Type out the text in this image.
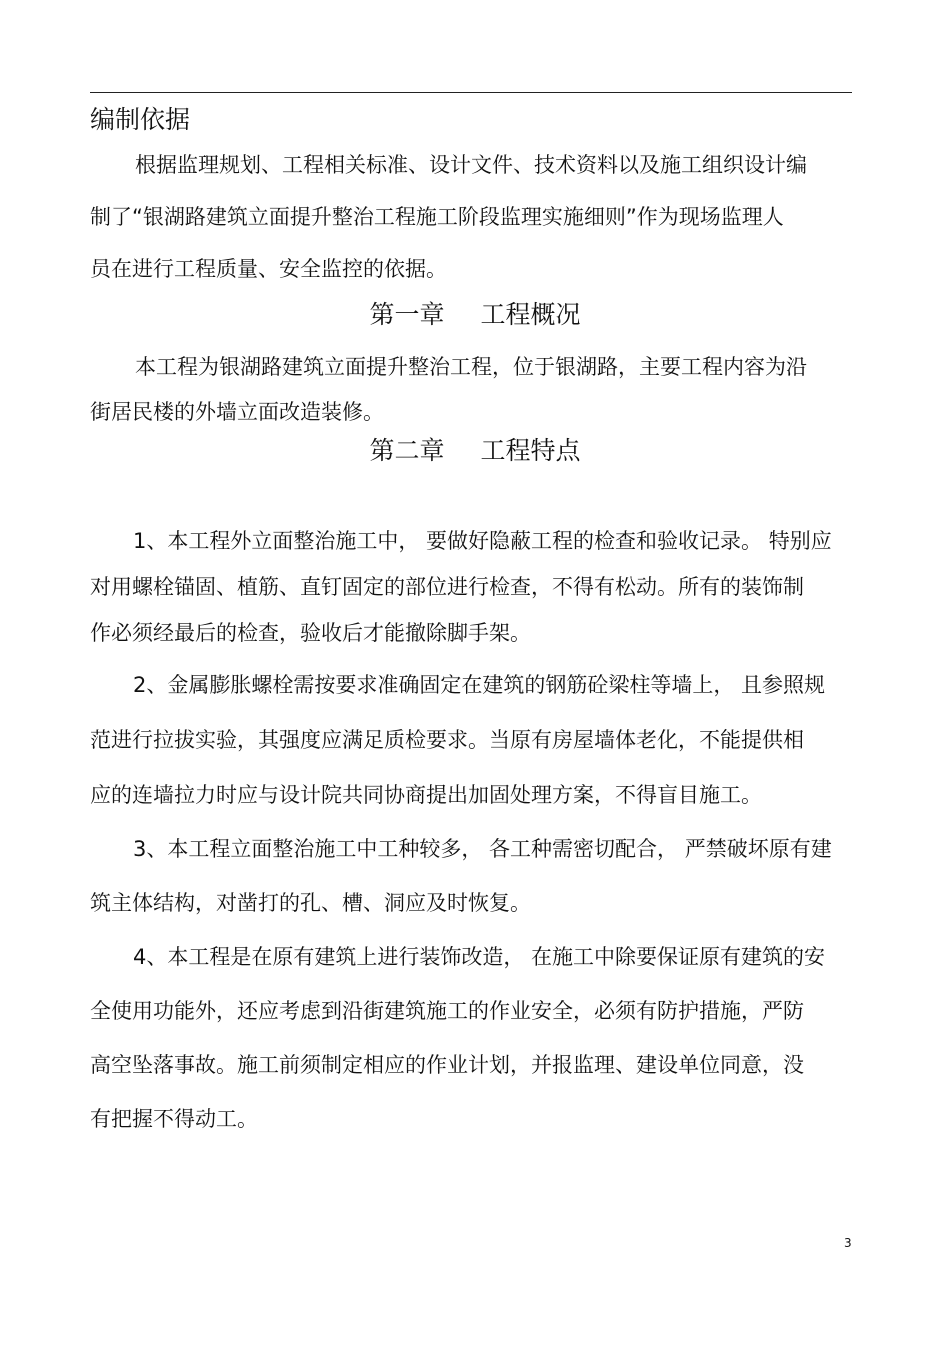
编制依据
根据监理规划、工程相关标准、设计文件、技术资料以及施工组织设计编
制了“银湖路建筑立面提升整治工程施工阶段监理实施细则”作为现场监理人
员在进行工程质量、安全监控的依据。
第一章 工程概况
本工程为银湖路建筑立面提升整治工程，位于银湖路，主要工程内容为沿
街居民楼的外墙立面改造装修。
第二章 工程特点
1、本工程外立面整治施工中， 要做好隐蔽工程的检查和验收记录。 特别应
对用螺栓锚固、植筋、直钉固定的部位进行检查，不得有松动。所有的装饰制
作必须经最后的检查，验收后才能撤除脚手架。
2、金属膨胀螺栓需按要求准确固定在建筑的钢筋砼梁柱等墙上， 且参照规
范进行拉拔实验，其强度应满足质检要求。当原有房屋墙体老化，不能提供相
应的连墙拉力时应与设计院共同协商提出加固处理方案，不得盲目施工。
3、本工程立面整治施工中工种较多， 各工种需密切配合， 严禁破坏原有建
筑主体结构，对凿打的孔、槽、洞应及时恢复。
4、本工程是在原有建筑上进行装饰改造， 在施工中除要保证原有建筑的安
全使用功能外，还应考虑到沿街建筑施工的作业安全，必须有防护措施，严防
高空坠落事故。施工前须制定相应的作业计划，并报监理、建设单位同意，没
有把握不得动工。
3
